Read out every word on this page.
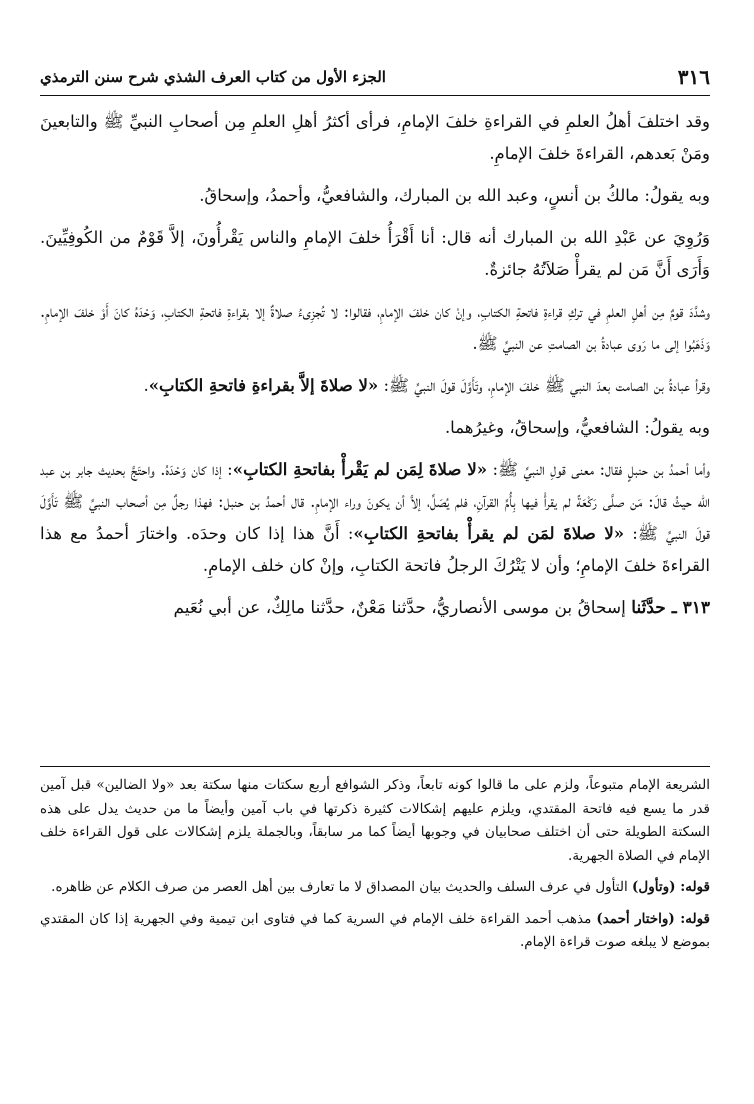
٣١٦
الجزء الأول من كتاب العرف الشذي شرح سنن الترمذي

وقد اختلفَ أهلُ العلمِ في القراءةِ خلفَ الإمامِ، فرأى أكثرُ أهلِ العلمِ مِن أصحابِ النبيِّ ﷺ والتابعينَ ومَنْ بَعدهم، القراءةَ خلفَ الإمامِ.

وبه يقولُ: مالكُ بن أنسٍ، وعبد الله بن المبارك، والشافعيُّ، وأحمدُ، وإسحاقُ.

وَرُوِيَ عن عَبْدِ الله بن المبارك أنه قال: أنا أَقْرَأُ خلفَ الإمامِ والناس يَقْرأُونَ، إلاَّ قَوْمٌ من الكُوفِيِّينَ. وَأَرَى أَنَّ مَن لم يقرأْ صَلاَتُهُ جائزةٌ.

وشدَّدَ قومٌ مِن أهلِ العلمِ في تركِ قراءةِ فاتحةِ الكتابِ، وإنْ كان خلفَ الإمامِ، فقالوا: لا تُجزِىءُ صلاةٌ إلا بقراءةِ فاتحةِ الكتابِ، وَحْدَهُ كانَ أَوْ خلفَ الإمامِ. وَذَهَبُوا إلى ما رَوى عبادةُ بن الصامتِ عن النبيِّ ﷺ.

وقرأ عبادةُ بن الصامت بعدَ النبي ﷺ خلفَ الإمامِ، وتَأَوَّلَ قولَ النبيِّ ﷺ: «لا صلاةَ إلاَّ بقراءةِ فاتحةِ الكتابِ».

وبه يقولُ: الشافعيُّ، وإسحاقُ، وغيرُهما.

وأما أحمدُ بن حنبلٍ فقال: معنى قولِ النبيِّ ﷺ: «لا صلاةَ لِمَن لم يَقْرأْ بفاتحةِ الكتابِ»: إذا كان وَحْدَهُ. واحتَجَّ بحديث جابر بن عبد الله حيثُ قالَ: مَن صلَّى رَكْعَةً لم يقرأْ فيها بِأُمِّ القرآنِ، فلم يُصَلِّ، إلاَّ أن يكونَ وراء الإمامِ. قال أحمدُ بن حنبل: فهذا رجلٌ مِن أصحاب النبيِّ ﷺ تَأَوَّلَ قولَ النبيِّ ﷺ: «لا صلاةَ لمَن لم يقرأْ بفاتحةِ الكتابِ»: أَنَّ هذا إذا كان وحدَه. واختارَ أحمدُ مع هذا القراءةَ خلفَ الإمامِ؛ وأن لا يَتْرُكَ الرجلُ فاتحة الكتابِ، وإنْ كان خلف الإمامِ.

٣١٣ ـ حدَّثَنا إسحاقُ بن موسى الأنصاريُّ، حدَّثنا مَعْنٌ، حدَّثنا مالِكٌ، عن أبي نُعَيم

الشريعة الإمام متبوعاً، ولزم على ما قالوا كونه تابعاً، وذكر الشوافع أربع سكتات منها سكتة بعد «ولا الضالين» قبل آمين قدر ما يسع فيه فاتحة المقتدي، ويلزم عليهم إشكالات كثيرة ذكرتها في باب آمين وأيضاً ما من حديث يدل على هذه السكتة الطويلة حتى أن اختلف صحابيان في وجوبها أيضاً كما مر سابقاً، وبالجملة يلزم إشكالات على قول القراءة خلف الإمام في الصلاة الجهرية.

قوله: (وتأول) التأول في عرف السلف والحديث بيان المصداق لا ما تعارف بين أهل العصر من صرف الكلام عن ظاهره.

قوله: (واختار أحمد) مذهب أحمد القراءة خلف الإمام في السرية كما في فتاوى ابن تيمية وفي الجهرية إذا كان المقتدي بموضع لا يبلغه صوت قراءة الإمام.
